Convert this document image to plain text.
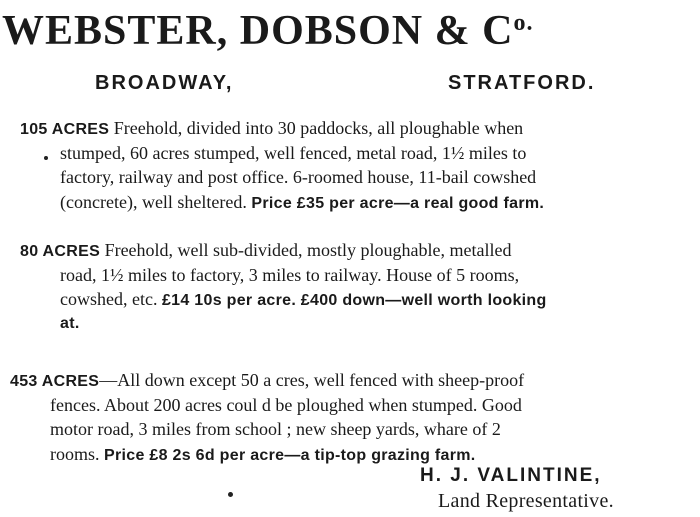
WEBSTER, DOBSON & $C^{o.}$
BROADWAY,	STRATFORD.
105 ACRES Freehold, divided into 30 paddocks, all ploughable when
stumped, 60 acres stumped, well fenced, metal road, 1½ miles to
factory, railway and post office. 6-roomed house, 11-bail cowshed
(concrete), well sheltered. Price £35 per acre—a real good farm.
80 ACRES Freehold, well sub-divided, mostly ploughable, metalled
road, 1½ miles to factory, 3 miles to railway. House of 5 rooms,
cowshed, etc. £14 10s per acre. £400 down—well worth looking
at.
453 ACRES—All down except 50 a cres, well fenced with sheep-proof
fences. About 200 acres coul d be ploughed when stumped. Good
motor road, 3 miles from school ; new sheep yards, whare of 2
rooms. Price £8 2s 6d per acre—a tip-top grazing farm.
H. J. VALINTINE,
Land Representative.
